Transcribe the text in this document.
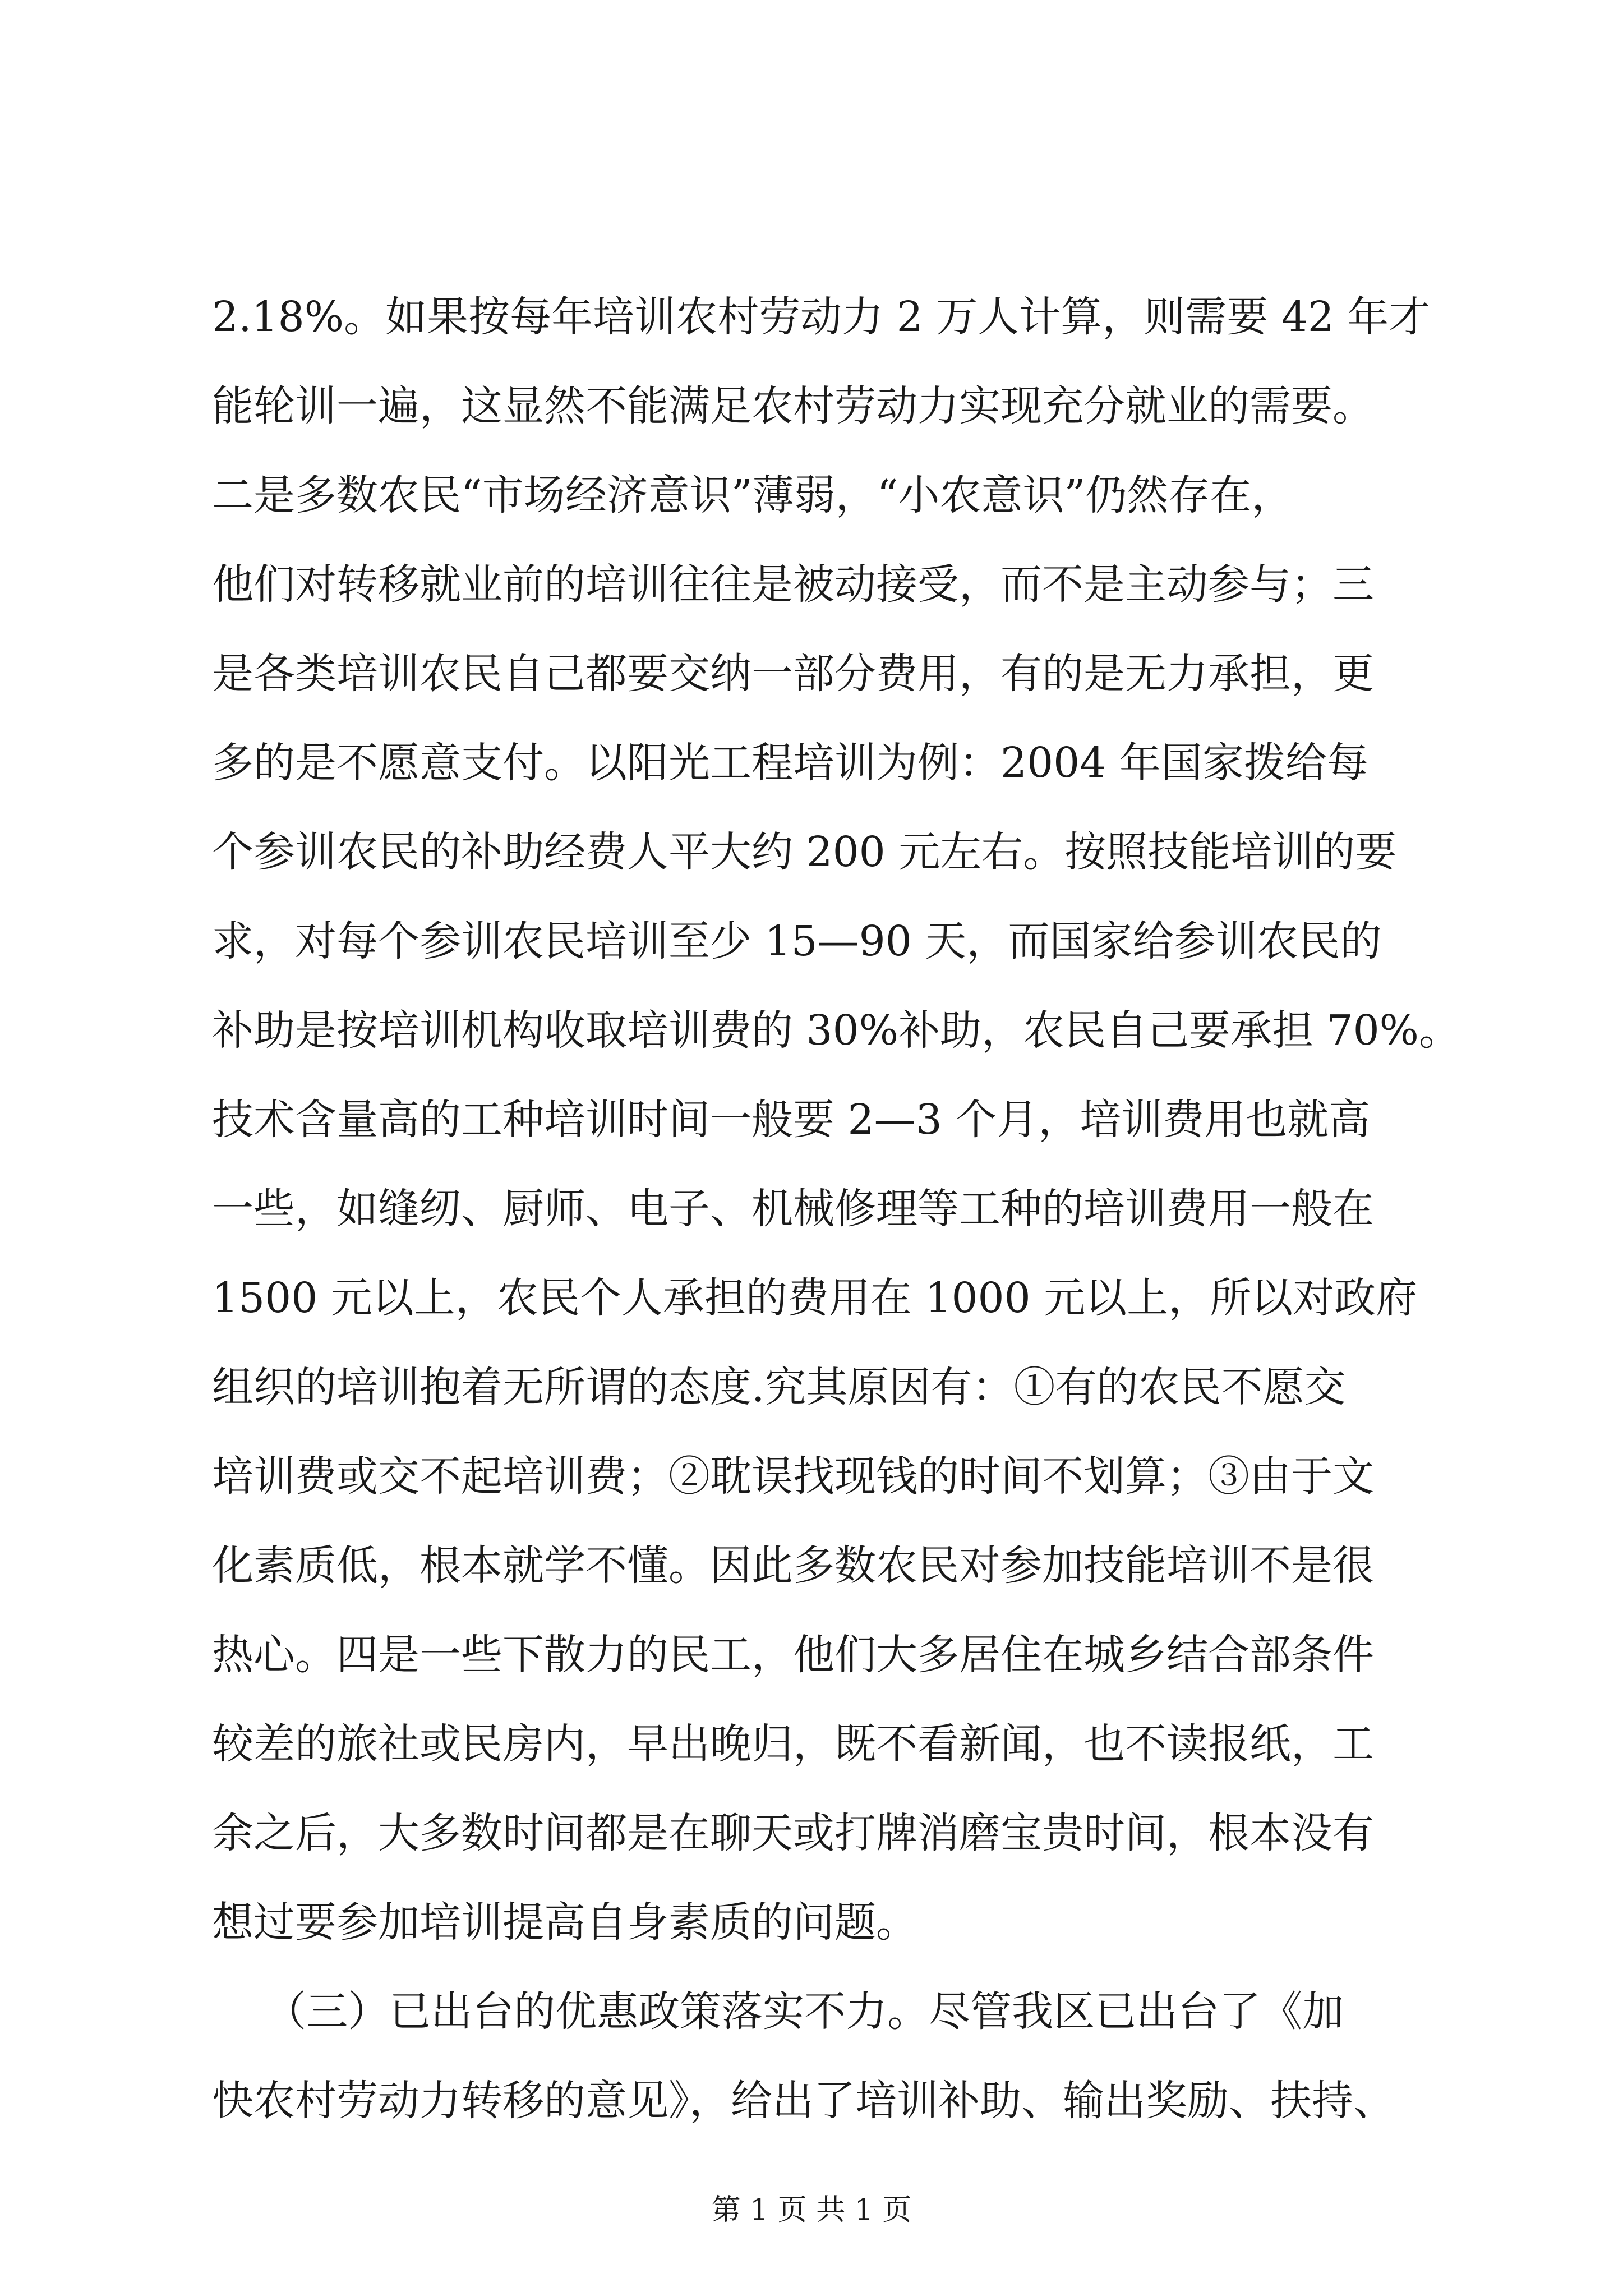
2.18%。如果按每年培训农村劳动力 2 万人计算，则需要 42 年才
能轮训一遍，这显然不能满足农村劳动力实现充分就业的需要。
二是多数农民“市场经济意识”薄弱，“小农意识”仍然存在，
他们对转移就业前的培训往往是被动接受，而不是主动参与；三
是各类培训农民自己都要交纳一部分费用，有的是无力承担，更
多的是不愿意支付。以阳光工程培训为例：2004 年国家拨给每
个参训农民的补助经费人平大约 200 元左右。按照技能培训的要
求，对每个参训农民培训至少 15—90 天，而国家给参训农民的
补助是按培训机构收取培训费的 30%补助，农民自己要承担 70%。
技术含量高的工种培训时间一般要 2—3 个月，培训费用也就高
一些，如缝纫、厨师、电子、机械修理等工种的培训费用一般在
1500 元以上，农民个人承担的费用在 1000 元以上，所以对政府
组织的培训抱着无所谓的态度.究其原因有：①有的农民不愿交
培训费或交不起培训费；②耽误找现钱的时间不划算；③由于文
化素质低，根本就学不懂。因此多数农民对参加技能培训不是很
热心。四是一些下散力的民工，他们大多居住在城乡结合部条件
较差的旅社或民房内，早出晚归，既不看新闻，也不读报纸，工
余之后，大多数时间都是在聊天或打牌消磨宝贵时间，根本没有
想过要参加培训提高自身素质的问题。
（三）已出台的优惠政策落实不力。尽管我区已出台了《加
快农村劳动力转移的意见》，给出了培训补助、输出奖励、扶持、
第 1 页 共 1 页
